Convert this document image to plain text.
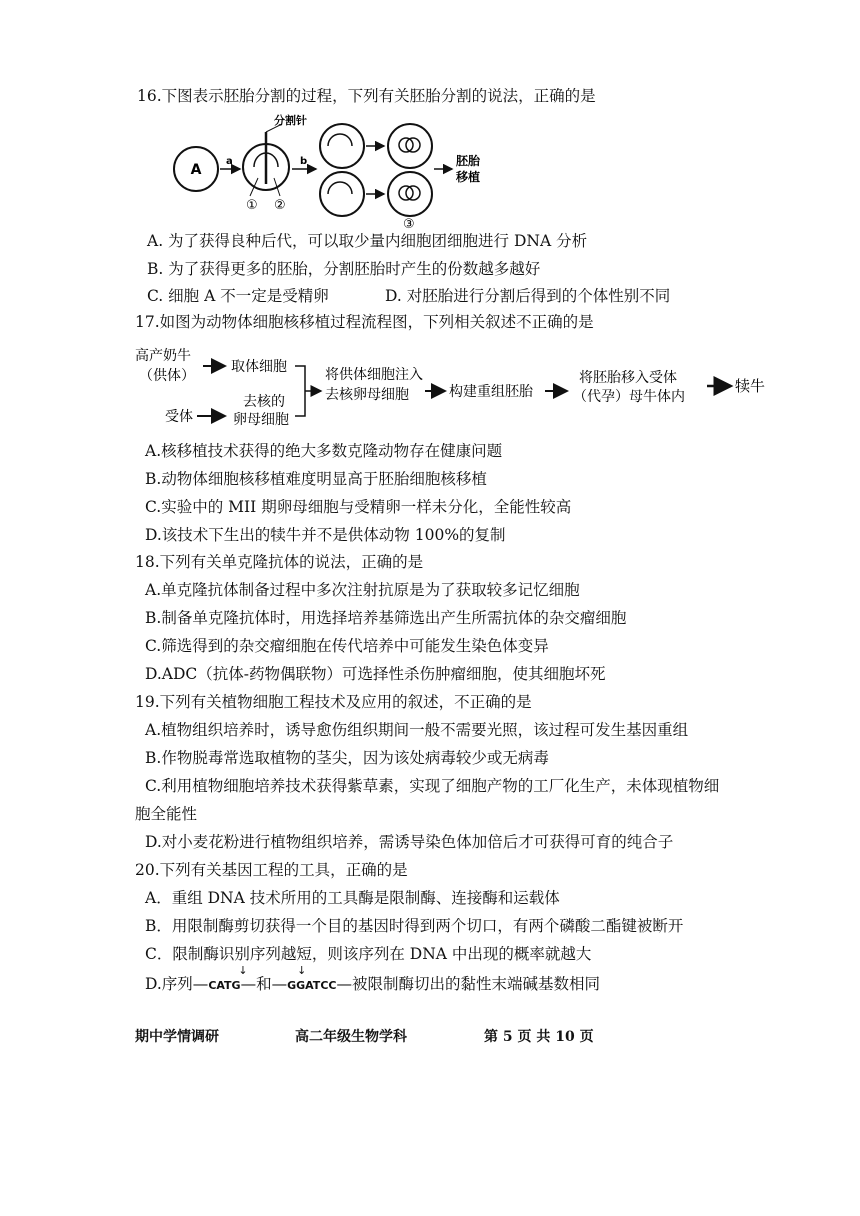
16.下图表示胚胎分割的过程，下列有关胚胎分割的说法，正确的是
A
a
分割针
① ②
b
③
胚胎
移植
A. 为了获得良种后代，可以取少量内细胞团细胞进行 DNA 分析
B. 为了获得更多的胚胎，分割胚胎时产生的份数越多越好
C. 细胞 A 不一定是受精卵	D. 对胚胎进行分割后得到的个体性别不同
17.如图为动物体细胞核移植过程流程图，下列相关叙述不正确的是
高产奶牛
（供体）
取体细胞
受体
去核的
卵母细胞
将供体细胞注入
去核卵母细胞	构建重组胚胎
将胚胎移入受体
（代孕）母牛体内
犊牛
A.核移植技术获得的绝大多数克隆动物存在健康问题
B.动物体细胞核移植难度明显高于胚胎细胞核移植
C.实验中的 MII 期卵母细胞与受精卵一样未分化，全能性较高
D.该技术下生出的犊牛并不是供体动物 100%的复制
18.下列有关单克隆抗体的说法，正确的是
A.单克隆抗体制备过程中多次注射抗原是为了获取较多记忆细胞
B.制备单克隆抗体时，用选择培养基筛选出产生所需抗体的杂交瘤细胞
C.筛选得到的杂交瘤细胞在传代培养中可能发生染色体变异
D.ADC（抗体-药物偶联物）可选择性杀伤肿瘤细胞，使其细胞坏死
19.下列有关植物细胞工程技术及应用的叙述，不正确的是
A.植物组织培养时，诱导愈伤组织期间一般不需要光照，该过程可发生基因重组
B.作物脱毒常选取植物的茎尖，因为该处病毒较少或无病毒
C.利用植物细胞培养技术获得紫草素，实现了细胞产物的工厂化生产，未体现植物细
胞全能性
D.对小麦花粉进行植物组织培养，需诱导染色体加倍后才可获得可育的纯合子
20.下列有关基因工程的工具，正确的是
A．重组 DNA 技术所用的工具酶是限制酶、连接酶和运载体
B．用限制酶剪切获得一个目的基因时得到两个切口，有两个磷酸二酯键被断开
C．限制酶识别序列越短，则该序列在 DNA 中出现的概率就越大
D.序列—CATG
↓
—和—GGATCC
↓
—被限制酶切出的黏性末端碱基数相同
期中学情调研	高二年级生物学科	第 5 页 共 10 页
